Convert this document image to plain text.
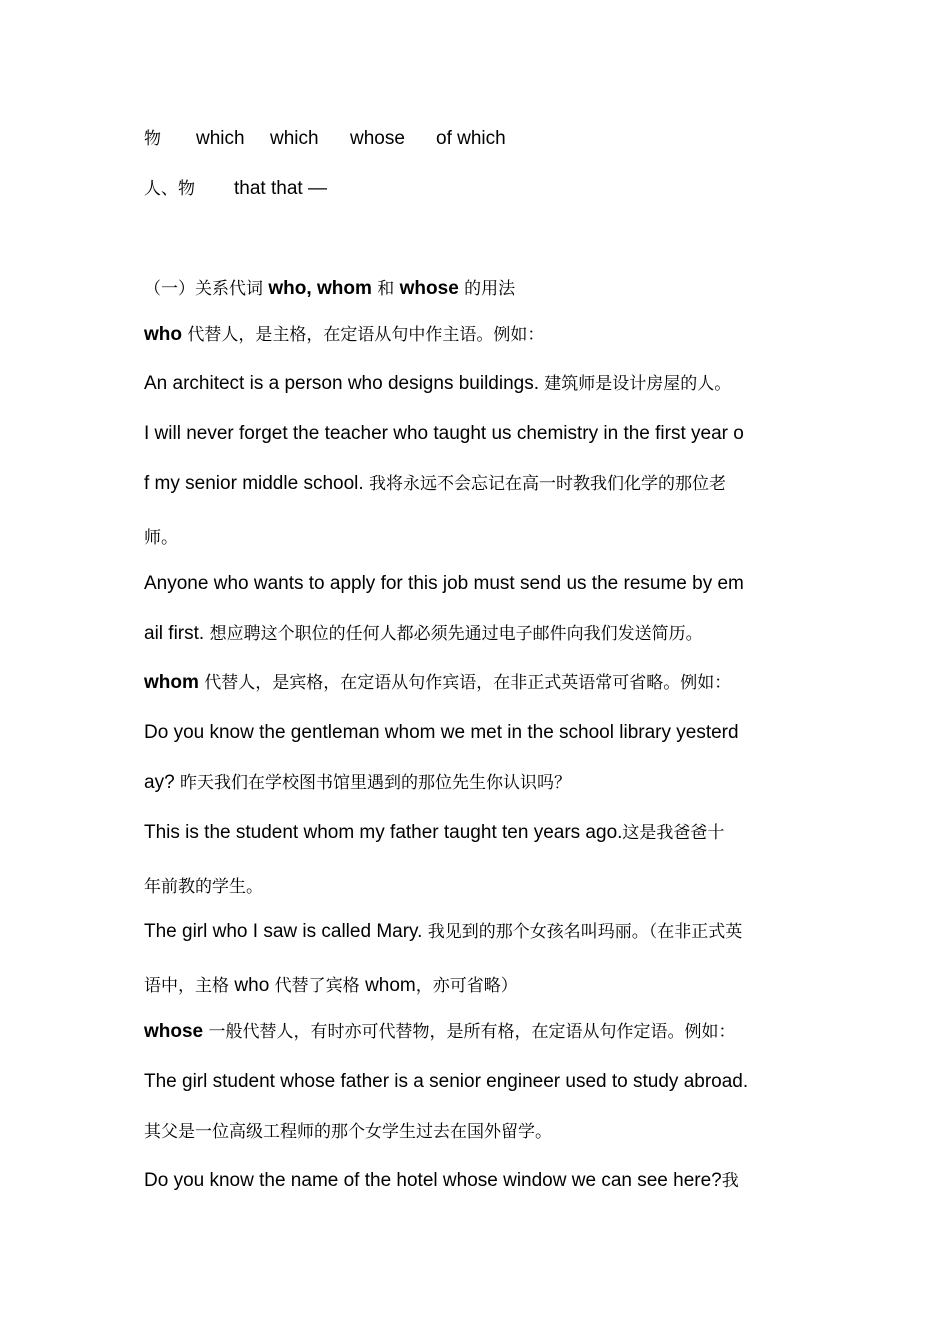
物 which which whose of which
人、物 that that —
（一）关系代词 who, whom 和 whose 的用法
who 代替人，是主格，在定语从句中作主语。例如：
An architect is a person who designs buildings. 建筑师是设计房屋的人。
I will never forget the teacher who taught us chemistry in the first year o
f my senior middle school. 我将永远不会忘记在高一时教我们化学的那位老
师。
Anyone who wants to apply for this job must send us the resume by em
ail first. 想应聘这个职位的任何人都必须先通过电子邮件向我们发送简历。
whom 代替人，是宾格，在定语从句作宾语，在非正式英语常可省略。例如：
Do you know the gentleman whom we met in the school library yesterd
ay? 昨天我们在学校图书馆里遇到的那位先生你认识吗？
This is the student whom my father taught ten years ago.这是我爸爸十
年前教的学生。
The girl who I saw is called Mary. 我见到的那个女孩名叫玛丽。（在非正式英
语中，主格 who 代替了宾格 whom，亦可省略）
whose 一般代替人，有时亦可代替物，是所有格，在定语从句作定语。例如：
The girl student whose father is a senior engineer used to study abroad.
其父是一位高级工程师的那个女学生过去在国外留学。
Do you know the name of the hotel whose window we can see here?我
